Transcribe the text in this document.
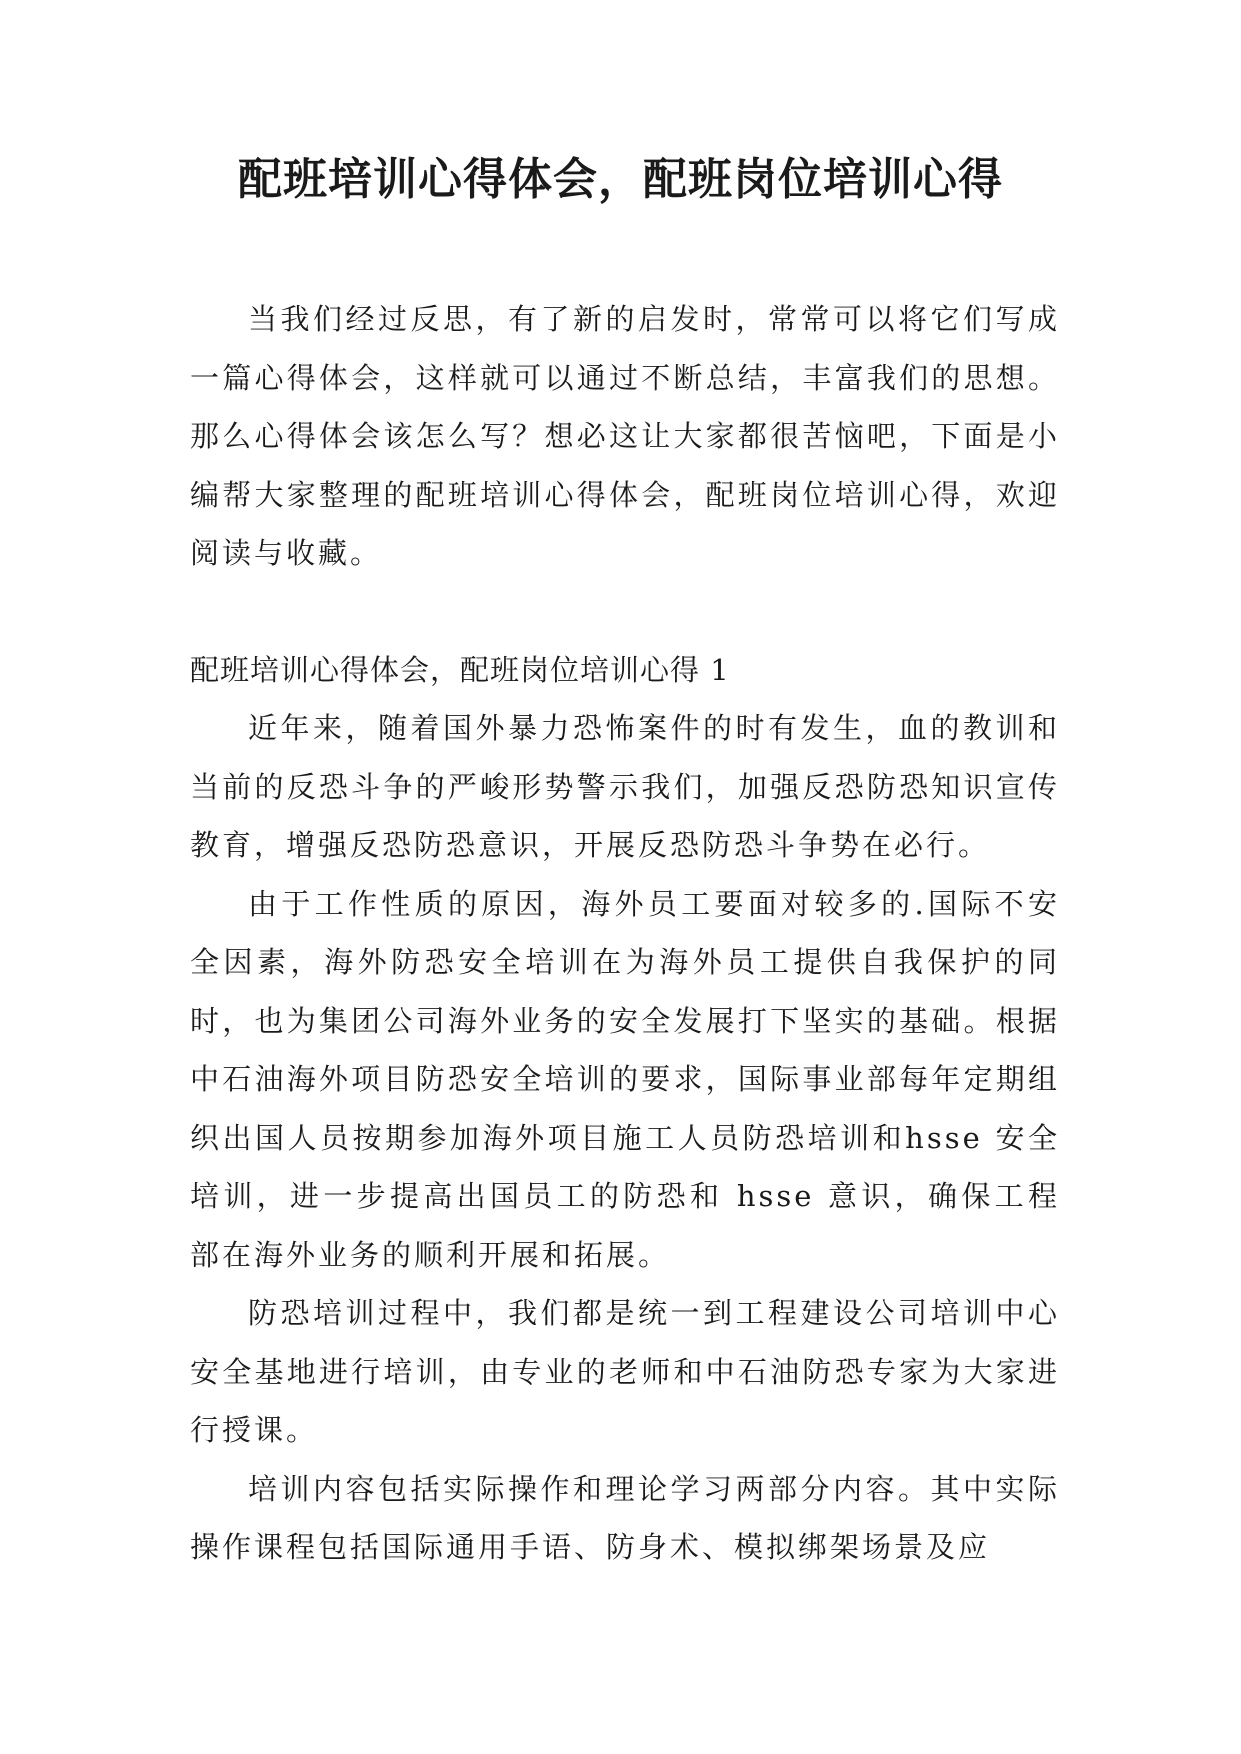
配班培训心得体会，配班岗位培训心得

当我们经过反思，有了新的启发时，常常可以将它们写成一篇心得体会，这样就可以通过不断总结，丰富我们的思想。那么心得体会该怎么写？想必这让大家都很苦恼吧，下面是小编帮大家整理的配班培训心得体会，配班岗位培训心得，欢迎阅读与收藏。

配班培训心得体会，配班岗位培训心得 1

近年来，随着国外暴力恐怖案件的时有发生，血的教训和当前的反恐斗争的严峻形势警示我们，加强反恐防恐知识宣传教育，增强反恐防恐意识，开展反恐防恐斗争势在必行。

由于工作性质的原因，海外员工要面对较多的.国际不安全因素，海外防恐安全培训在为海外员工提供自我保护的同时，也为集团公司海外业务的安全发展打下坚实的基础。根据中石油海外项目防恐安全培训的要求，国际事业部每年定期组织出国人员按期参加海外项目施工人员防恐培训和hsse 安全培训，进一步提高出国员工的防恐和 hsse 意识，确保工程部在海外业务的顺利开展和拓展。

防恐培训过程中，我们都是统一到工程建设公司培训中心安全基地进行培训，由专业的老师和中石油防恐专家为大家进行授课。

培训内容包括实际操作和理论学习两部分内容。其中实际操作课程包括国际通用手语、防身术、模拟绑架场景及应
